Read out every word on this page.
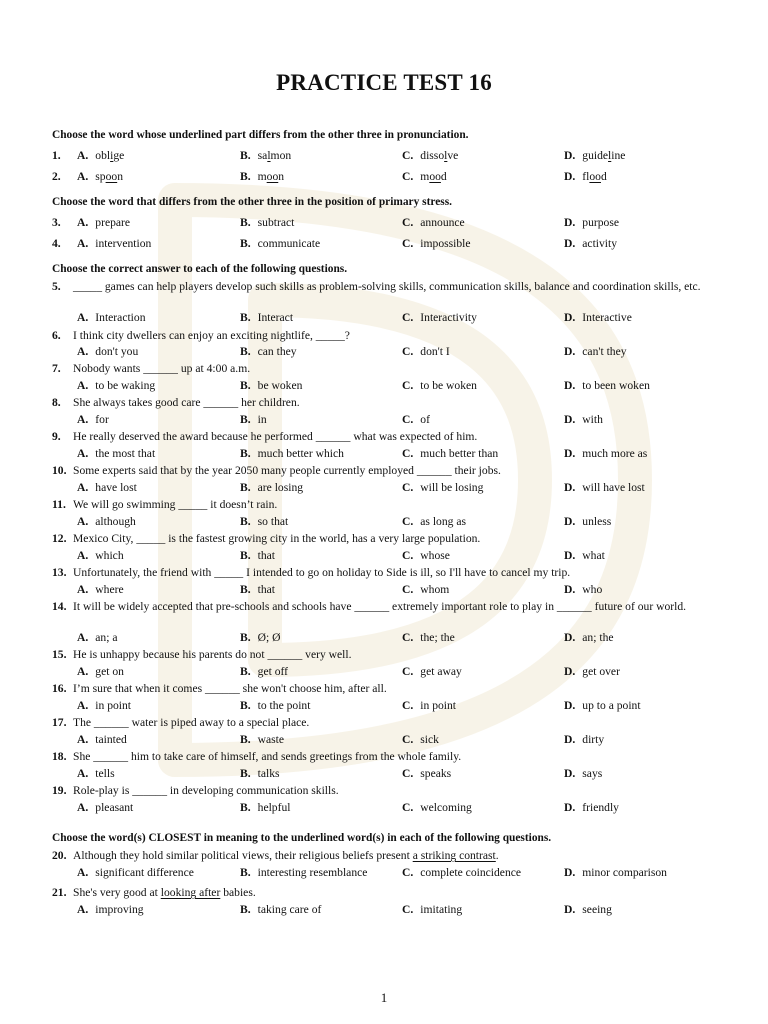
PRACTICE TEST 16
Choose the word whose underlined part differs from the other three in pronunciation.
1. A. oblige	B. salmon	C. dissolve	D. guideline
2. A. spoon	B. moon	C. mood	D. flood
Choose the word that differs from the other three in the position of primary stress.
3. A. prepare	B. subtract	C. announce	D. purpose
4. A. intervention	B. communicate	C. impossible	D. activity
Choose the correct answer to each of the following questions.
5. _____ games can help players develop such skills as problem-solving skills, communication skills, balance and coordination skills, etc.
A. Interaction	B. Interact	C. Interactivity	D. Interactive
6. I think city dwellers can enjoy an exciting nightlife, _____?
A. don't you	B. can they	C. don't I	D. can't they
7. Nobody wants ______ up at 4:00 a.m.
A. to be waking	B. be woken	C. to be woken	D. to been woken
8. She always takes good care ______ her children.
A. for	B. in	C. of	D. with
9. He really deserved the award because he performed ______ what was expected of him.
A. the most that	B. much better which	C. much better than	D. much more as
10. Some experts said that by the year 2050 many people currently employed ______ their jobs.
A. have lost	B. are losing	C. will be losing	D. will have lost
11. We will go swimming _____ it doesn’t rain.
A. although	B. so that	C. as long as	D. unless
12. Mexico City, _____ is the fastest growing city in the world, has a very large population.
A. which	B. that	C. whose	D. what
13. Unfortunately, the friend with _____ I intended to go on holiday to Side is ill, so I'll have to cancel my trip.
A. where	B. that	C. whom	D. who
14. It will be widely accepted that pre-schools and schools have ______ extremely important role to play in ______ future of our world.
A. an; a	B. Ø; Ø	C. the; the	D. an; the
15. He is unhappy because his parents do not ______ very well.
A. get on	B. get off	C. get away	D. get over
16. I’m sure that when it comes ______ she won't choose him, after all.
A. in point	B. to the point	C. in point	D. up to a point
17. The ______ water is piped away to a special place.
A. tainted	B. waste	C. sick	D. dirty
18. She ______ him to take care of himself, and sends greetings from the whole family.
A. tells	B. talks	C. speaks	D. says
19. Role-play is ______ in developing communication skills.
A. pleasant	B. helpful	C. welcoming	D. friendly
Choose the word(s) CLOSEST in meaning to the underlined word(s) in each of the following questions.
20. Although they hold similar political views, their religious beliefs present a striking contrast.
A. significant difference	B. interesting resemblance	C. complete coincidence	D. minor comparison
21. She's very good at looking after babies.
A. improving	B. taking care of	C. imitating	D. seeing
1
